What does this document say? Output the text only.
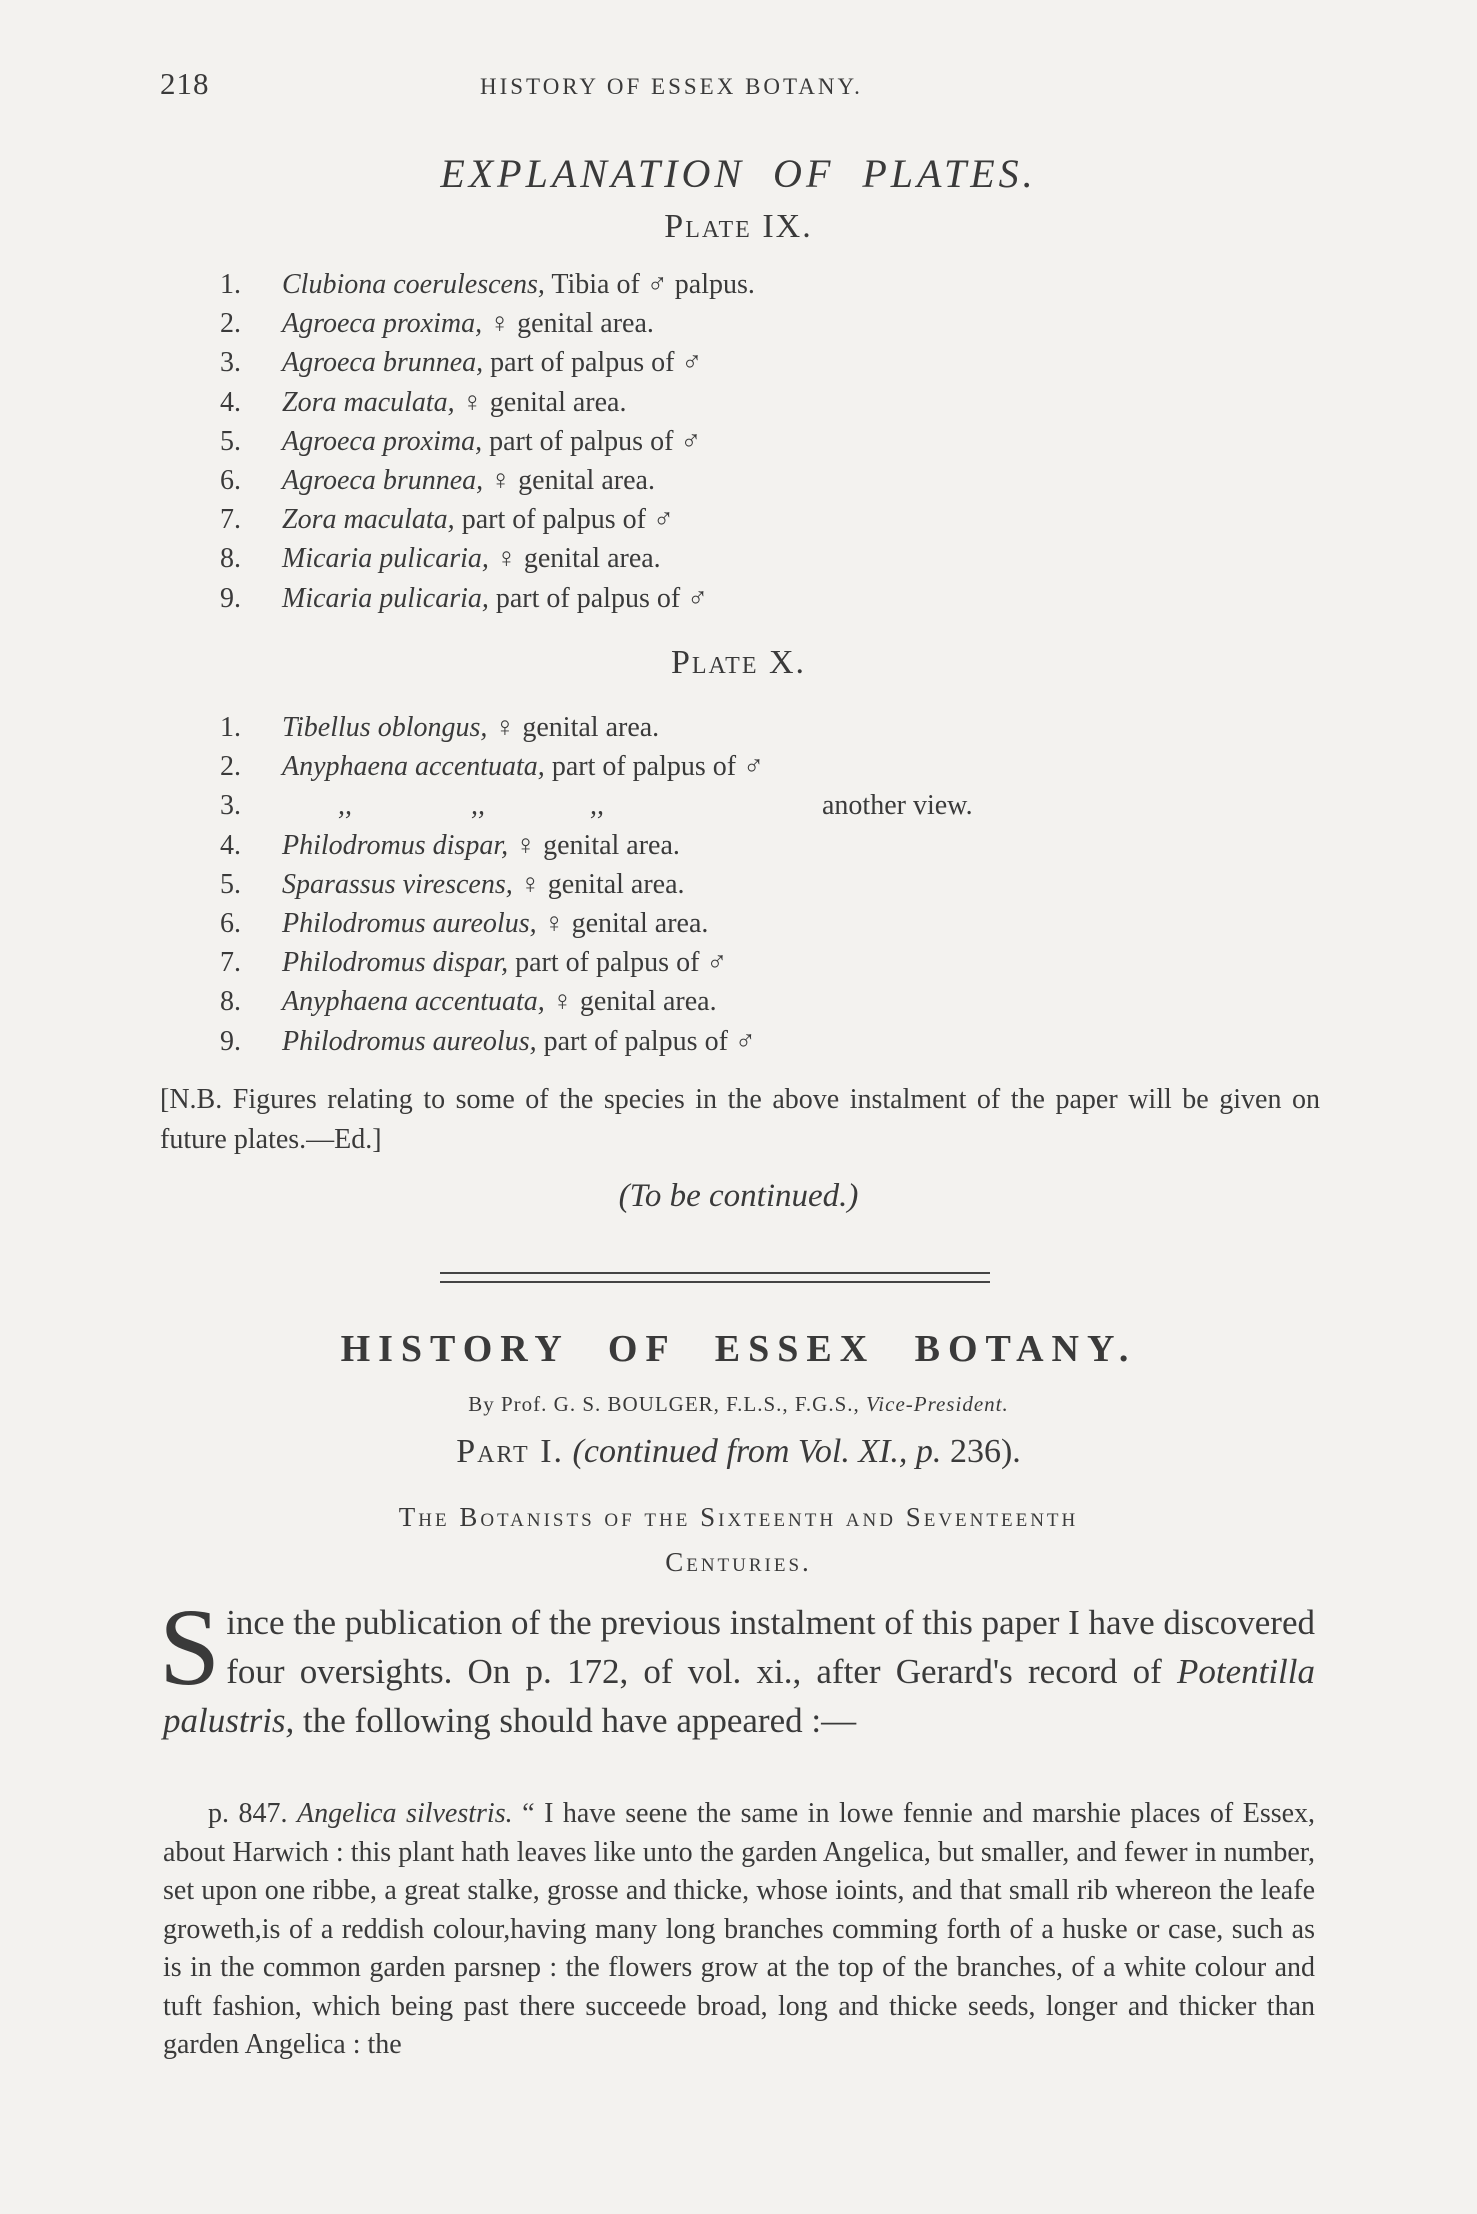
218	HISTORY OF ESSEX BOTANY.
EXPLANATION OF PLATES.
Plate IX.
1. Clubiona coerulescens, Tibia of ♂ palpus.
2. Agroeca proxima, ♀ genital area.
3. Agroeca brunnea, part of palpus of ♂
4. Zora maculata, ♀ genital area.
5. Agroeca proxima, part of palpus of ♂
6. Agroeca brunnea, ♀ genital area.
7. Zora maculata, part of palpus of ♂
8. Micaria pulicaria, ♀ genital area.
9. Micaria pulicaria, part of palpus of ♂
Plate X.
1. Tibellus oblongus, ♀ genital area.
2. Anyphaena accentuata, part of palpus of ♂
3.        ,,                 ,,               ,,	another view.
4. Philodromus dispar, ♀ genital area.
5. Sparassus virescens, ♀ genital area.
6. Philodromus aureolus, ♀ genital area.
7. Philodromus dispar, part of palpus of ♂
8. Anyphaena accentuata, ♀ genital area.
9. Philodromus aureolus, part of palpus of ♂
[N.B. Figures relating to some of the species in the above instalment of the paper will be given on future plates.—Ed.]
(To be continued.)
HISTORY OF ESSEX BOTANY.
By Prof. G. S. BOULGER, F.L.S., F.G.S., Vice-President.
Part I. (continued from Vol. XI., p. 236).
The Botanists of the Sixteenth and Seventeenth
Centuries.
Since the publication of the previous instalment of this paper I have discovered four oversights. On p. 172, of vol. xi., after Gerard's record of Potentilla palustris, the following should have appeared :—
p. 847. Angelica silvestris. “ I have seene the same in lowe fennie and marshie places of Essex, about Harwich : this plant hath leaves like unto the garden Angelica, but smaller, and fewer in number, set upon one ribbe, a great stalke, grosse and thicke, whose ioints, and that small rib whereon the leafe groweth,is of a reddish colour,having many long branches comming forth of a huske or case, such as is in the common garden parsnep : the flowers grow at the top of the branches, of a white colour and tuft fashion, which being past there succeede broad, long and thicke seeds, longer and thicker than garden Angelica : the
